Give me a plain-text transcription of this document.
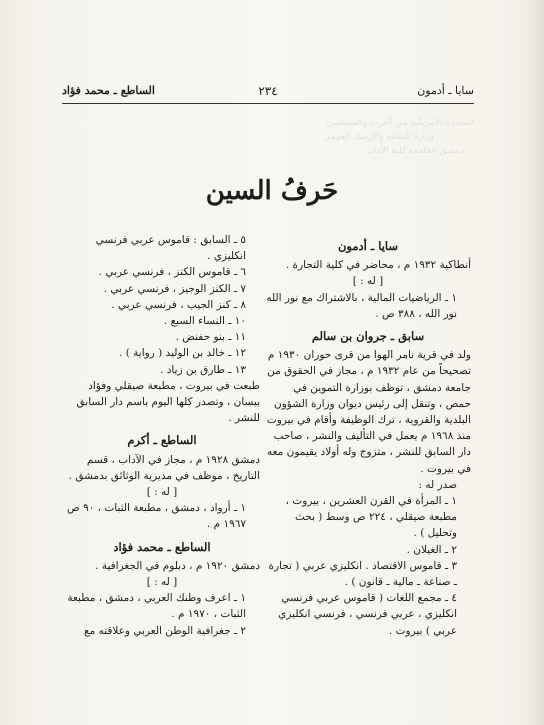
ﺍﻟﻤﺘﺤﺪﺓ ﺍﻷﻣﺮﻳﻜﻴﺔ ﻣﻦ ﺍﻟﻌﺮﺏ ﻭﺍﻟﻤﺴﻠﻤﻴﻦ
ﻭﺯﺍﺭﺓ ﺍﻟﺜﻘﺎﻓﺔ ﻭﺍﻹﺭﺷﺎﺩ ﺍﻟﻘﻮﻣﻲ
ﺩﻣﺸﻖ ﺍﻟﺠﺎﻣﻌﺔ ﻛﻠﻴﺔ ﺍﻵﺩﺍﺏ
سايا ـ أدمون
٢٣٤
الساطع ـ محمد فؤاد
حَرفُ السين

سايا ـ أدمون

أنطاكية ١٩٣٢ م ، محاضر في كلية التجارة .

[ له : ]

١ ـ الرياضيات المالية ، بالاشتراك مع نور الله نور الله ، ٣٨٨ ص .

سابق ـ جروان بن سالم

ولد في قرية نامر الهوا من قرى حوران ١٩٣٠ م تصحيحاً من عام ١٩٣٢ م ، مجاز في الحقوق من جامعة دمشق ، توظف بوزارة التموين في حمص ، وتنقل إلى رئيس ديوان وزارة الشؤون البلدية والقروية ، ترك الوظيفة وأقام في بيروت منذ ١٩٦٨ م يعمل في التأليف والنشر ، صاحب دار السابق للنشر ، متزوج وله أولاد يقيمون معه في بيروت .

صدر له :

١ ـ المرأة في القرن العشرين ، بيروت ، مطبعة صيقلي ، ٢٢٤ ص وسط ( بحث وتحليل ) .

٢ ـ الغيلان .

٣ ـ قاموس الاقتصاد . انكليزي عربي ( تجارة ـ صناعة ـ مالية ـ قانون ) .

٤ ـ مجمع اللغات ( قاموس عربي فرنسي انكليزي ، عربي فرنسي ، فرنسي انكليزي عربي ) بيروت .

٥ ـ السابق : قاموس عربي فرنسي انكليزي .

٦ ـ قاموس الكنز ، فرنسي عربي .

٧ ـ الكنز الوجيز ، فرنسي عربي .

٨ ـ كنز الجيب ، فرنسي عربي .

١٠ ـ النساء السبع .

١١ ـ بنو حفنض .

١٢ ـ خالد بن الوليد ( رواية ) .

١٣ ـ طارق بن زياد .

طبعت في بيروت ، مطبعة صيقلي وفؤاد بيسان ، وتصدر كلها اليوم باسم دار السابق للنشر .

الساطع ـ أكرم

دمشق ١٩٢٨ م ، مجاز في الآداب ، قسم التاريخ ، موظف في مديرية الوثائق بدمشق .

[ له : ]

١ ـ أرواد ، دمشق ، مطبعة الثبات ، ٩٠ ص ١٩٦٧ م .

الساطع ـ محمد فؤاد

دمشق ١٩٢٠ م ، دبلوم في الجغرافية .

[ له : ]

١ ـ اعرف وطنك العربي ، دمشق ، مطبعة الثبات ، ١٩٧٠ م .

٢ ـ جغرافية الوطن العربي وعلاقته مع
